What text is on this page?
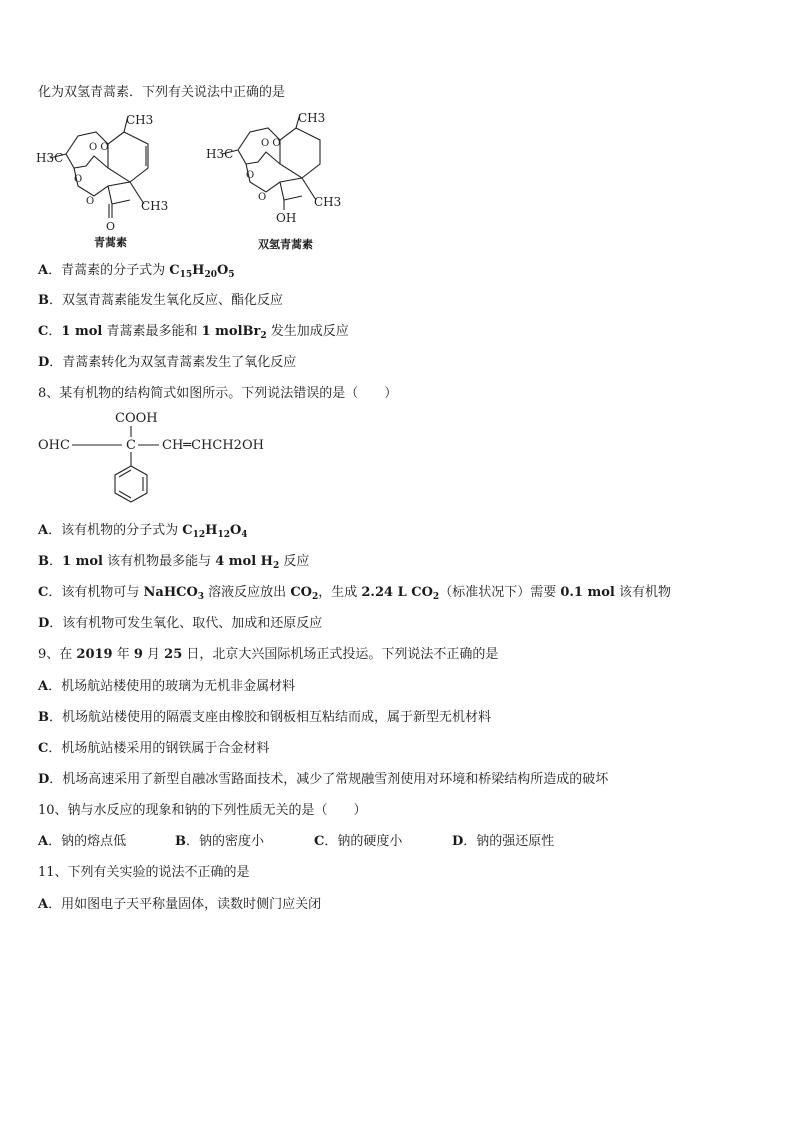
化为双氢青蒿素．下列有关说法中正确的是
CH3
H3C
CH3
O
O O
O
O
青蒿素
CH3
H3C
CH3
OH
O O
O
O
双氢青蒿素
A．青蒿素的分子式为 $C_{15}H_{20}O_5$
B．双氢青蒿素能发生氧化反应、酯化反应
C．1 mol 青蒿素最多能和 1 molBr$_2$ 发生加成反应
D．青蒿素转化为双氢青蒿素发生了氧化反应
8、某有机物的结构简式如图所示。下列说法错误的是（　　）
COOH
OHC	C CH═CHCH2OH
A．该有机物的分子式为 $C_{12}H_{12}O_4$
B．1 mol 该有机物最多能与 4 mol $H_2$ 反应
C．该有机物可与 NaHCO$_3$ 溶液反应放出 $CO_2$，生成 2.24 L $CO_2$（标准状况下）需要 0.1 mol 该有机物
D．该有机物可发生氧化、取代、加成和还原反应
9、在 2019 年 9 月 25 日，北京大兴国际机场正式投运。下列说法不正确的是
A．机场航站楼使用的玻璃为无机非金属材料
B．机场航站楼使用的隔震支座由橡胶和钢板相互粘结而成，属于新型无机材料
C．机场航站楼采用的钢铁属于合金材料
D．机场高速采用了新型自融冰雪路面技术，减少了常规融雪剂使用对环境和桥梁结构所造成的破坏
10、钠与水反应的现象和钠的下列性质无关的是（　　）
A．钠的熔点低	B．钠的密度小	C．钠的硬度小	D．钠的强还原性
11、下列有关实验的说法不正确的是
A．用如图电子天平称量固体，读数时侧门应关闭
